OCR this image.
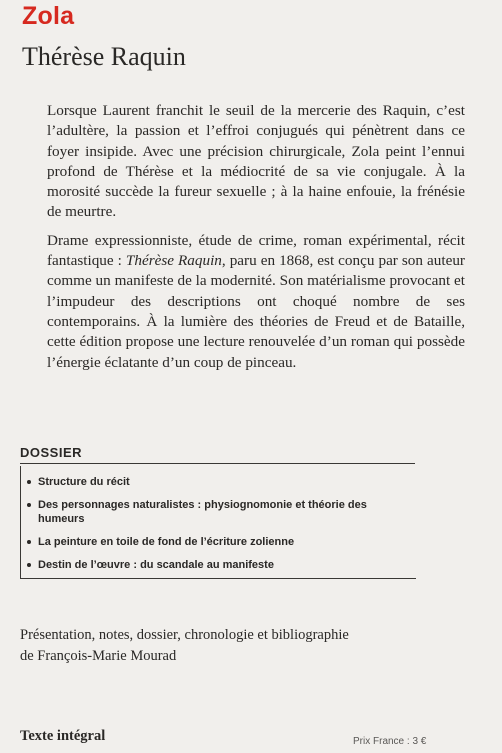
Zola
Thérèse Raquin

Lorsque Laurent franchit le seuil de la mercerie des Raquin, c’est l’adultère, la passion et l’effroi conjugués qui pénètrent dans ce foyer insipide. Avec une précision chirurgicale, Zola peint l’ennui profond de Thérèse et la médiocrité de sa vie conjugale. À la morosité succède la fureur sexuelle ; à la haine enfouie, la frénésie de meurtre.

Drame expressionniste, étude de crime, roman expérimental, récit fantastique : Thérèse Raquin, paru en 1868, est conçu par son auteur comme un manifeste de la modernité. Son matérialisme provocant et l’impudeur des descriptions ont choqué nombre de ses contemporains. À la lumière des théories de Freud et de Bataille, cette édition propose une lecture renouvelée d’un roman qui possède l’énergie éclatante d’un coup de pinceau.

DOSSIER
Structure du récit
Des personnages naturalistes : physiognomonie et théorie des humeurs
La peinture en toile de fond de l’écriture zolienne
Destin de l’œuvre : du scandale au manifeste
Présentation, notes, dossier, chronologie et bibliographie
de François-Marie Mourad
Texte intégral	Prix France : 3 €
